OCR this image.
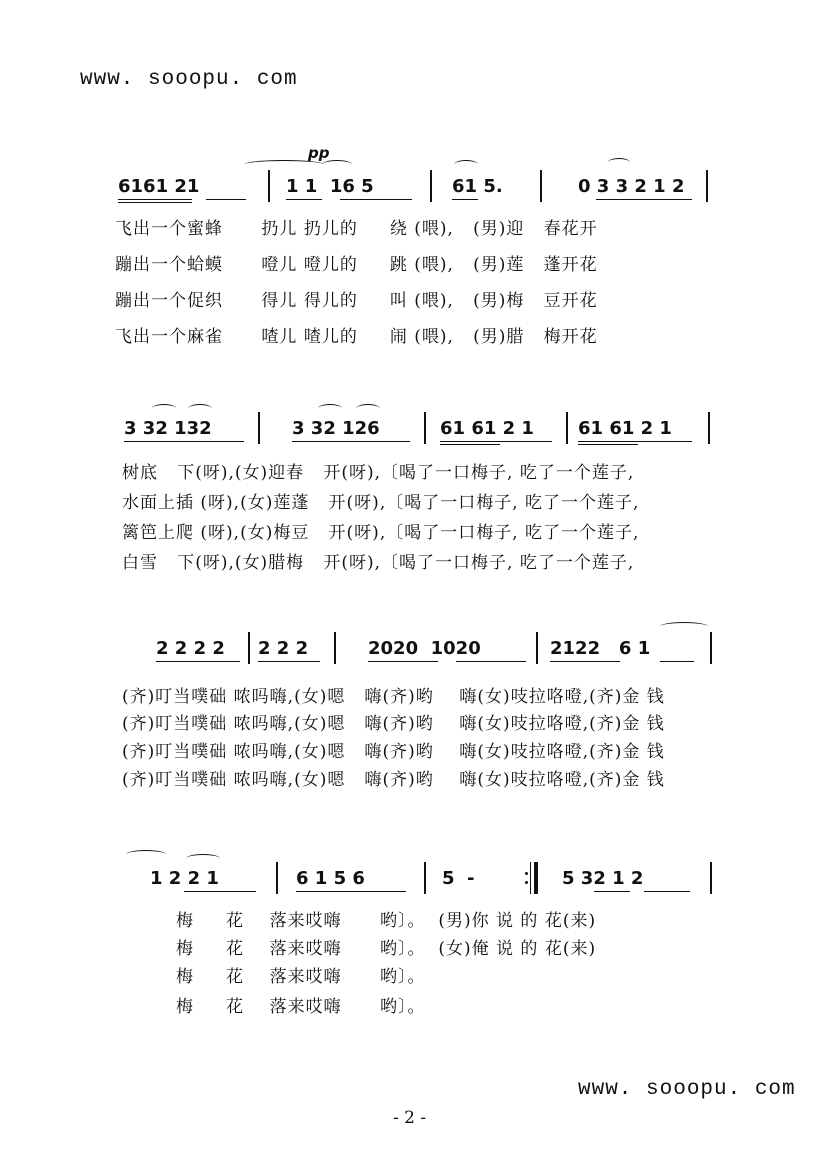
www. sooopu. com
pp
6161 21	1 1  16 5	61 5.	0 3 3 2 1 2
飞出一个蜜蜂      扔儿 扔儿的     绕 (喂),   (男)迎   春花开
蹦出一个蛤蟆      噔儿 噔儿的     跳 (喂),   (男)莲   蓬开花
蹦出一个促织      得儿 得儿的     叫 (喂),   (男)梅   豆开花
飞出一个麻雀      喳儿 喳儿的     闹 (喂),   (男)腊   梅开花
3 32 132	3 32 126	61 61 2 1 61 61 2 1
树底   下(呀),(女)迎春   开(呀),〔喝了一口梅子, 吃了一个莲子,
水面上插 (呀),(女)莲蓬   开(呀),〔喝了一口梅子, 吃了一个莲子,
篱笆上爬 (呀),(女)梅豆   开(呀),〔喝了一口梅子, 吃了一个莲子,
白雪   下(呀),(女)腊梅   开(呀),〔喝了一口梅子, 吃了一个莲子,
2 2 2 2 2 2 2	2020  1020	2122   6 1
(齐)叮当噗础 哝吗嗨,(女)嗯   嗨(齐)哟    嗨(女)吱拉咯噔,(齐)金 钱
(齐)叮当噗础 哝吗嗨,(女)嗯   嗨(齐)哟    嗨(女)吱拉咯噔,(齐)金 钱
(齐)叮当噗础 哝吗嗨,(女)嗯   嗨(齐)哟    嗨(女)吱拉咯噔,(齐)金 钱
(齐)叮当噗础 哝吗嗨,(女)嗯   嗨(齐)哟    嗨(女)吱拉咯噔,(齐)金 钱
1 2 2 1	6 1 5 6	5  -	5 32 1 2
梅     花    落来哎嗨      哟〕。  (男)你 说 的 花(来)
梅     花    落来哎嗨      哟〕。  (女)俺 说 的 花(来)
梅     花    落来哎嗨      哟〕。
梅     花    落来哎嗨      哟〕。
www. sooopu. com
- 2 -
